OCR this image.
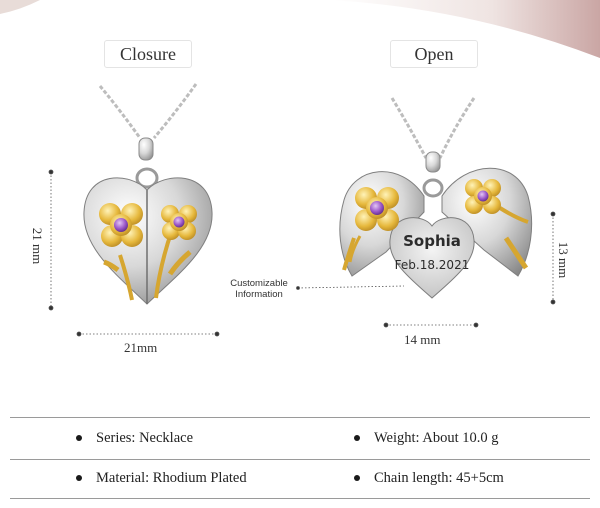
Closure	Open
Sophia
Feb.18.2021
21 mm
21mm
13 mm
14 mm
Customizable
Information
Series: Necklace	Weight: About 10.0 g
Material: Rhodium Plated	Chain length: 45+5cm
